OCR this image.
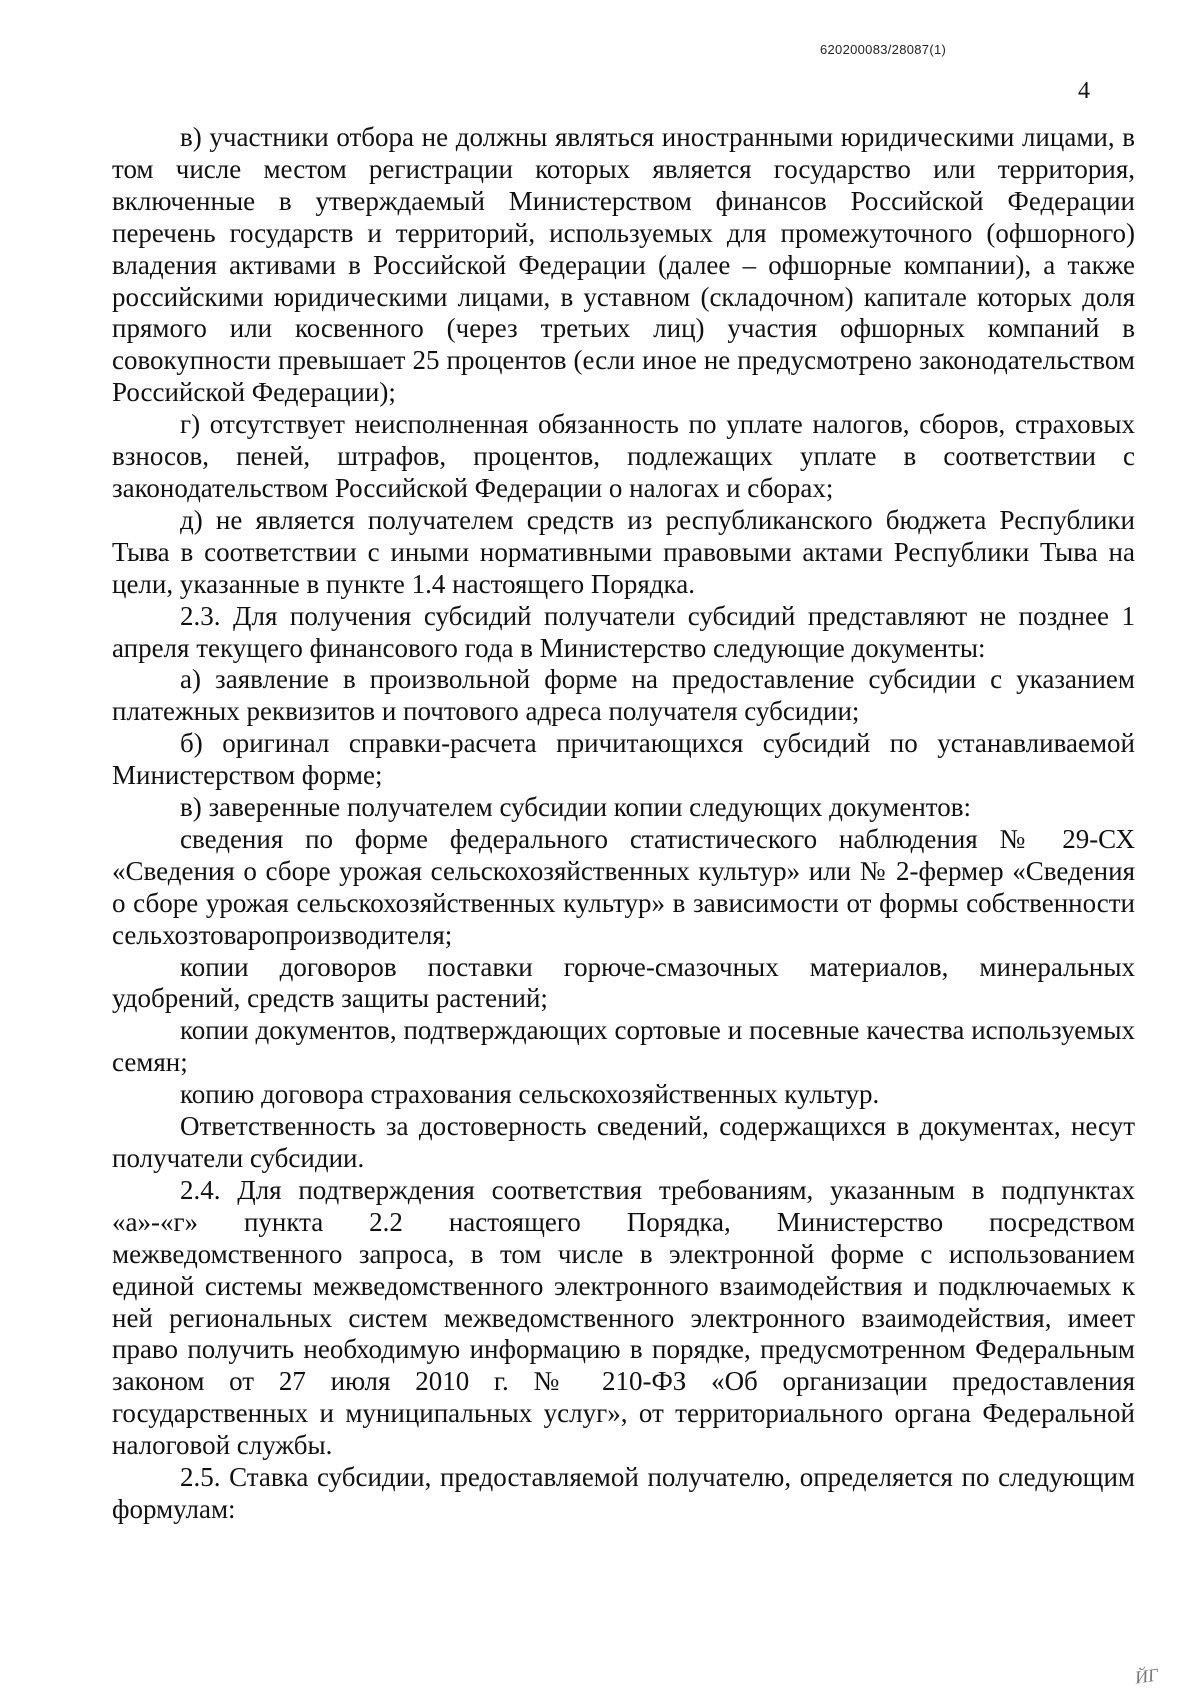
620200083/28087(1)
4

в) участники отбора не должны являться иностранными юридическими лицами, в том числе местом регистрации которых является государство или территория, включенные в утверждаемый Министерством финансов Российской Федерации перечень государств и территорий, используемых для промежуточного (офшорного) владения активами в Российской Федерации (далее – офшорные компании), а также российскими юридическими лицами, в уставном (складочном) капитале которых доля прямого или косвенного (через третьих лиц) участия офшорных компаний в совокупности превышает 25 процентов (если иное не предусмотрено законодательством Российской Федерации);

г) отсутствует неисполненная обязанность по уплате налогов, сборов, страховых взносов, пеней, штрафов, процентов, подлежащих уплате в соответствии с законодательством Российской Федерации о налогах и сборах;

д) не является получателем средств из республиканского бюджета Республики Тыва в соответствии с иными нормативными правовыми актами Республики Тыва на цели, указанные в пункте 1.4 настоящего Порядка.

2.3. Для получения субсидий получатели субсидий представляют не позднее 1 апреля текущего финансового года в Министерство следующие документы:

а) заявление в произвольной форме на предоставление субсидии с указанием платежных реквизитов и почтового адреса получателя субсидии;

б) оригинал справки-расчета причитающихся субсидий по устанавливаемой Министерством форме;

в) заверенные получателем субсидии копии следующих документов:

сведения по форме федерального статистического наблюдения № 29-СХ «Сведения о сборе урожая сельскохозяйственных культур» или № 2-фермер «Сведения о сборе урожая сельскохозяйственных культур» в зависимости от формы собственности сельхозтоваропроизводителя;

копии договоров поставки горюче-смазочных материалов, минеральных удобрений, средств защиты растений;

копии документов, подтверждающих сортовые и посевные качества используемых семян;

копию договора страхования сельскохозяйственных культур.

Ответственность за достоверность сведений, содержащихся в документах, несут получатели субсидии.

2.4. Для подтверждения соответствия требованиям, указанным в подпунктах «а»-«г» пункта 2.2 настоящего Порядка, Министерство посредством межведомственного запроса, в том числе в электронной форме с использованием единой системы межведомственного электронного взаимодействия и подключаемых к ней региональных систем межведомственного электронного взаимодействия, имеет право получить необходимую информацию в порядке, предусмотренном Федеральным законом от 27 июля 2010 г. № 210-ФЗ «Об организации предоставления государственных и муниципальных услуг», от территориального органа Федеральной налоговой службы.

2.5. Ставка субсидии, предоставляемой получателю, определяется по следующим формулам:

ЙГ
